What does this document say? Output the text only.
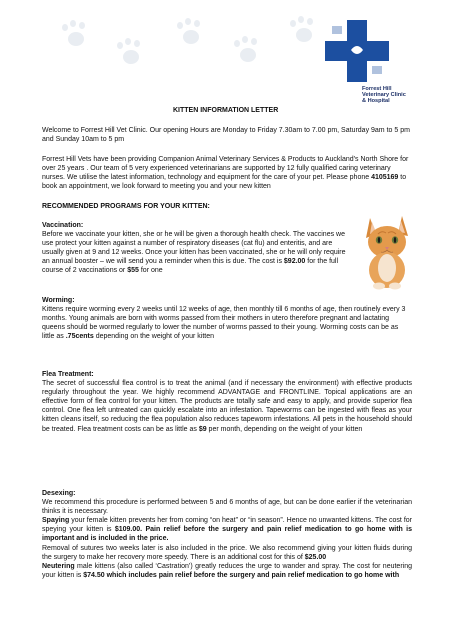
Forrest Hill
Veterinary Clinic
& Hospital
KITTEN INFORMATION LETTER

Welcome to Forrest Hill Vet Clinic. Our opening Hours are Monday to Friday 7.30am to 7.00 pm, Saturday 9am to 5 pm and Sunday 10am to 5 pm

Forrest Hill Vets have been providing Companion Animal Veterinary Services & Products to Auckland's North Shore for over 25 years . Our team of 5 very experienced veterinarians are supported by 12 fully qualified caring veterinary nurses. We utilise the latest information, technology and equipment for the care of your pet. Please phone 4105169 to book an appointment, we look forward to meeting you and your new kitten

RECOMMENDED PROGRAMS FOR YOUR KITTEN:

Vaccination:

Before we vaccinate your kitten, she or he will be given a thorough health check. The vaccines we use protect your kitten against a number of respiratory diseases (cat flu) and enteritis, and are usually given at 9 and 12 weeks. Once your kitten has been vaccinated, she or he will only require an annual booster – we will send you a reminder when this is due. The cost is $92.00 for the full course of 2 vaccinations or $55 for one

Worming:

Kittens require worming every 2 weeks until 12 weeks of age, then monthly till 6 months of age, then routinely every 3 months. Young animals are born with worms passed from their mothers in utero therefore pregnant and lactating queens should be wormed regularly to lower the number of worms passed to their young. Worming costs can be as little as .75cents depending on the weight of your kitten

Flea Treatment:

The secret of successful flea control is to treat the animal (and if necessary the environment) with effective products regularly throughout the year. We highly recommend ADVANTAGE and FRONTLINE. Topical applications are an effective form of flea control for your kitten. The products are totally safe and easy to apply, and provide superior flea control. One flea left untreated can quickly escalate into an infestation. Tapeworms can be ingested with fleas as your kitten cleans itself, so reducing the flea population also reduces tapeworm infestations. All pets in the household should be treated. Flea treatment costs can be as little as $9 per month, depending on the weight of your kitten

Desexing:

We recommend this procedure is performed between 5 and 6 months of age, but can be done earlier if the veterinarian thinks it is necessary.

Spaying your female kitten prevents her from coming “on heat” or “in season”. Hence no unwanted kittens. The cost for speying your kitten is $109.00. Pain relief before the surgery and pain relief medication to go home with is important and is included in the price.

Removal of sutures two weeks later is also included in the price. We also recommend giving your kitten fluids during the surgery to make her recovery more speedy. There is an additional cost for this of $25.00

Neutering male kittens (also called ‘Castration’) greatly reduces the urge to wander and spray. The cost for neutering your kitten is $74.50 which includes pain relief before the surgery and pain relief medication to go home with
